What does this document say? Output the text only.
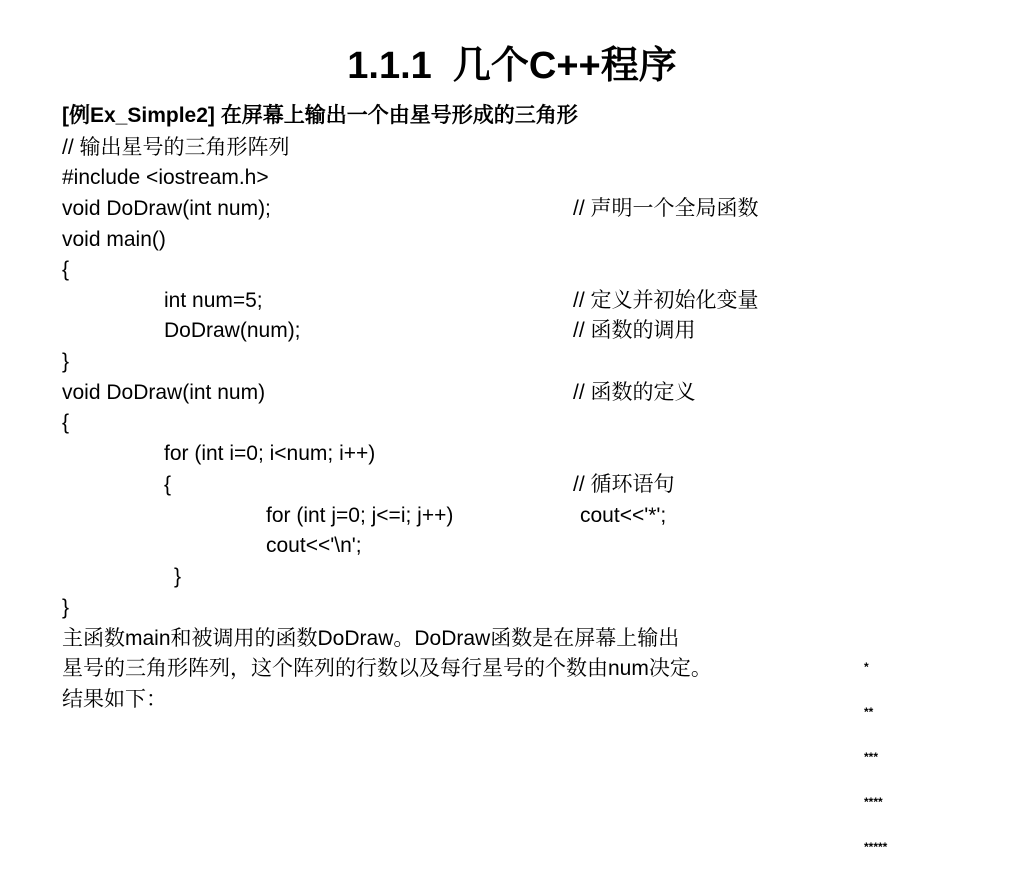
1.1.1  几个C++程序
[例Ex_Simple2] 在屏幕上输出一个由星号形成的三角形
// 输出星号的三角形阵列
#include <iostream.h>
void DoDraw(int num);	// 声明一个全局函数
void main()
{
int num=5;	// 定义并初始化变量
DoDraw(num);	// 函数的调用
}
void DoDraw(int num)	// 函数的定义
{
for (int i=0; i<num; i++)
{	// 循环语句
for (int j=0; j<=i; j++)	cout<<'*';
cout<<'\n';
}
}
主函数main和被调用的函数DoDraw。DoDraw函数是在屏幕上输出
星号的三角形阵列，这个阵列的行数以及每行星号的个数由num决定。
结果如下：

*

**

***

****

*****
